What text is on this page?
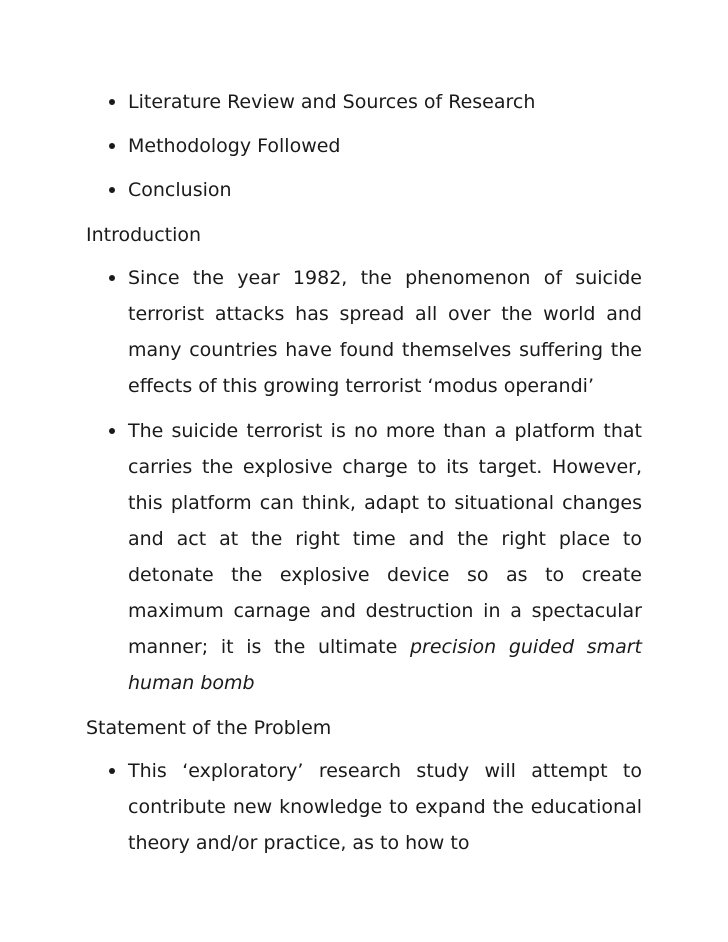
Literature Review and Sources of Research
Methodology Followed
Conclusion
Introduction
Since the year 1982, the phenomenon of suicide terrorist attacks has spread all over the world and many countries have found themselves suffering the effects of this growing terrorist ‘modus operandi’
The suicide terrorist is no more than a platform that carries the explosive charge to its target. However, this platform can think, adapt to situational changes and act at the right time and the right place to detonate the explosive device so as to create maximum carnage and destruction in a spectacular manner; it is the ultimate precision guided smart human bomb
Statement of the Problem
This ‘exploratory’ research study will attempt to contribute new knowledge to expand the educational theory and/or practice, as to how to
